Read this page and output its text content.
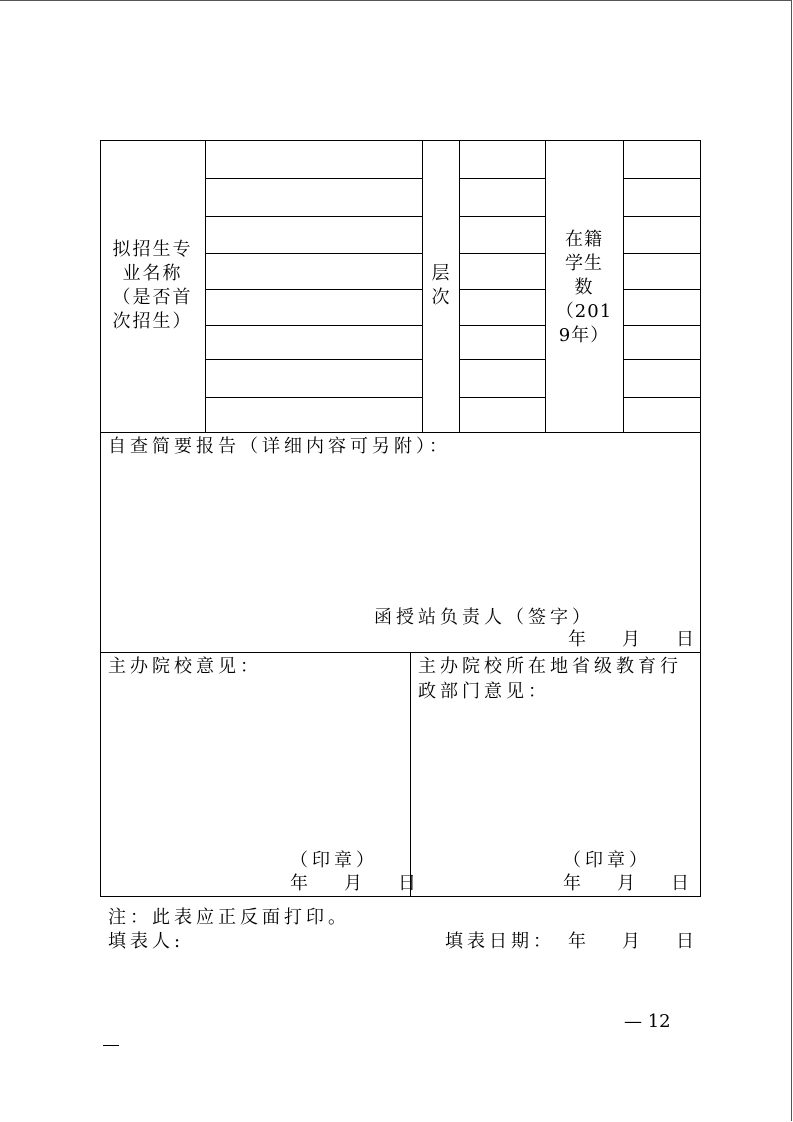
拟招生专
业名称
（是否首
次招生）
层
次
在籍
学生
数
（201
9年）
自查简要报告（详细内容可另附）：
函授站负责人（签字）
年　　月　　日
主办院校意见：
（印章）
年　　月　　日
主办院校所在地省级教育行
政部门意见：
（印章）
年　　月　　日
注：此表应正反面打印。
填表人:	填表日期： 年　　月　　日
— 12
